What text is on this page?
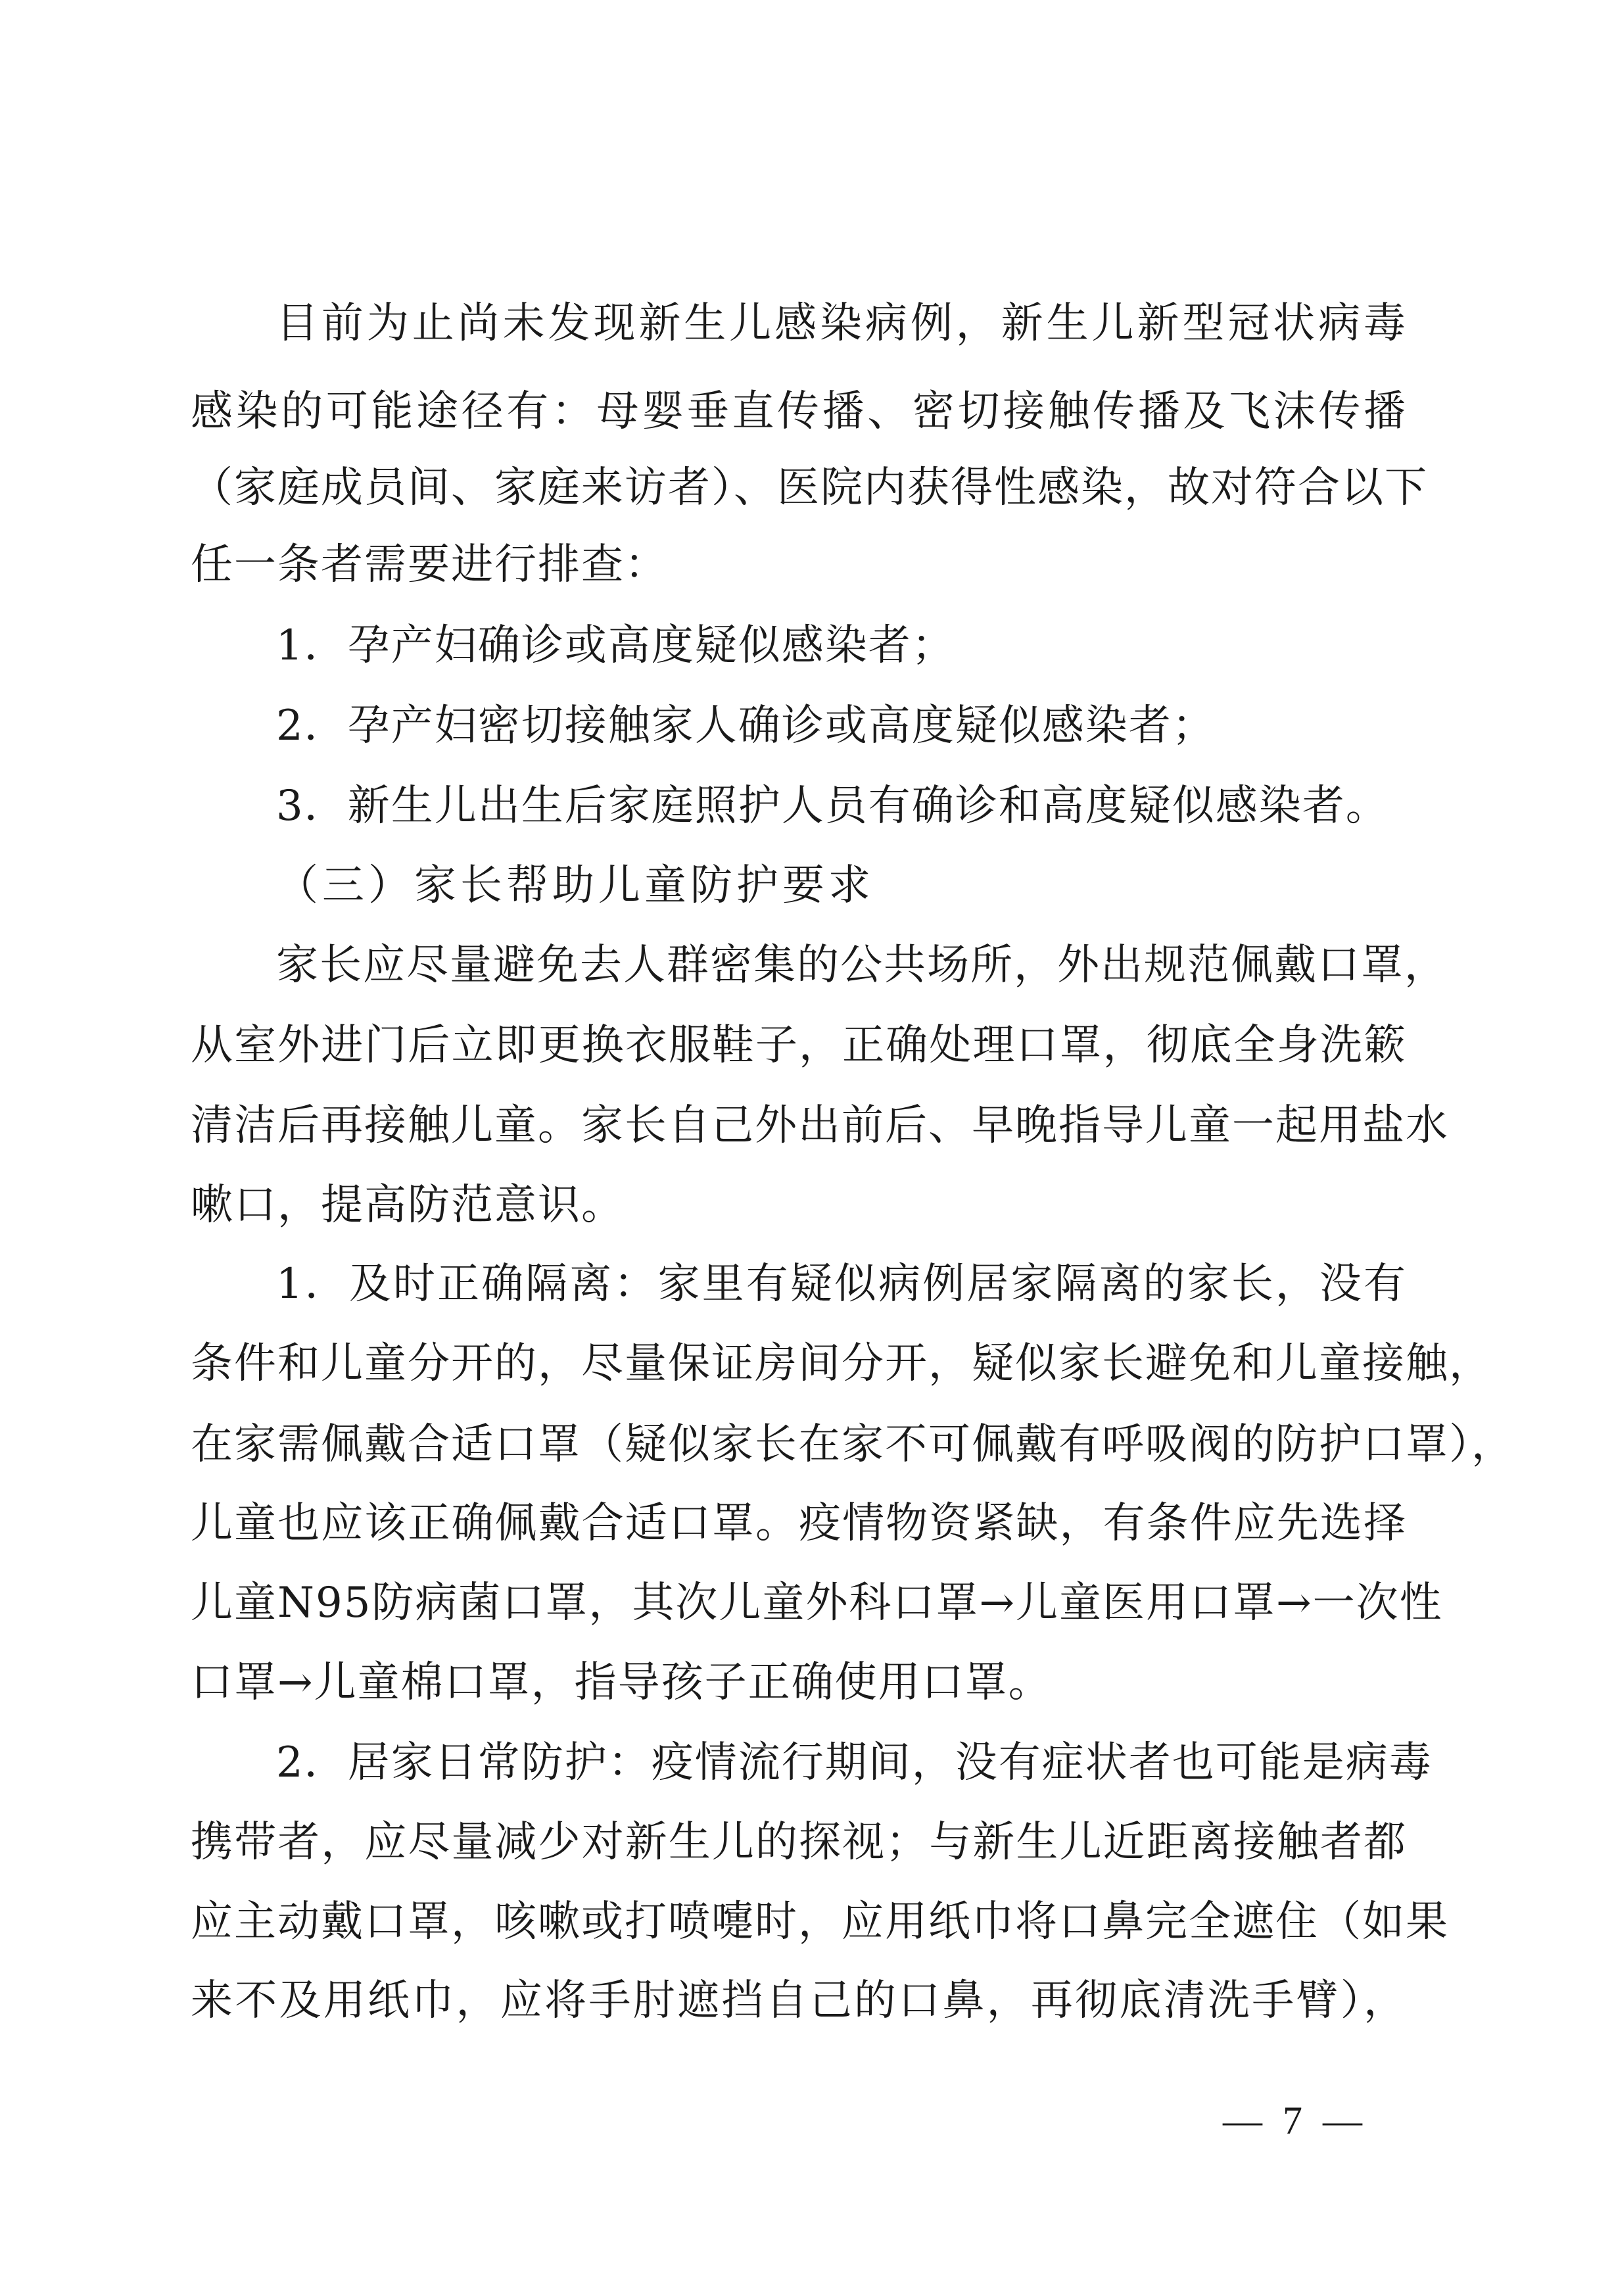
目前为止尚未发现新生儿感染病例，新生儿新型冠状病毒
感染的可能途径有：母婴垂直传播、密切接触传播及飞沫传播
（家庭成员间、家庭来访者）、医院内获得性感染，故对符合以下
任一条者需要进行排查：
1．孕产妇确诊或高度疑似感染者；
2．孕产妇密切接触家人确诊或高度疑似感染者；
3．新生儿出生后家庭照护人员有确诊和高度疑似感染者。
（三）家长帮助儿童防护要求
家长应尽量避免去人群密集的公共场所，外出规范佩戴口罩，
从室外进门后立即更换衣服鞋子，正确处理口罩，彻底全身洗簌
清洁后再接触儿童。家长自己外出前后、早晚指导儿童一起用盐水
嗽口，提高防范意识。
1．及时正确隔离：家里有疑似病例居家隔离的家长，没有
条件和儿童分开的，尽量保证房间分开，疑似家长避免和儿童接触，
在家需佩戴合适口罩（疑似家长在家不可佩戴有呼吸阀的防护口罩），
儿童也应该正确佩戴合适口罩。疫情物资紧缺，有条件应先选择
儿童N95防病菌口罩，其次儿童外科口罩→儿童医用口罩→一次性
口罩→儿童棉口罩，指导孩子正确使用口罩。
2．居家日常防护：疫情流行期间，没有症状者也可能是病毒
携带者，应尽量减少对新生儿的探视；与新生儿近距离接触者都
应主动戴口罩，咳嗽或打喷嚏时，应用纸巾将口鼻完全遮住（如果
来不及用纸巾，应将手肘遮挡自己的口鼻，再彻底清洗手臂），
— 7 —
